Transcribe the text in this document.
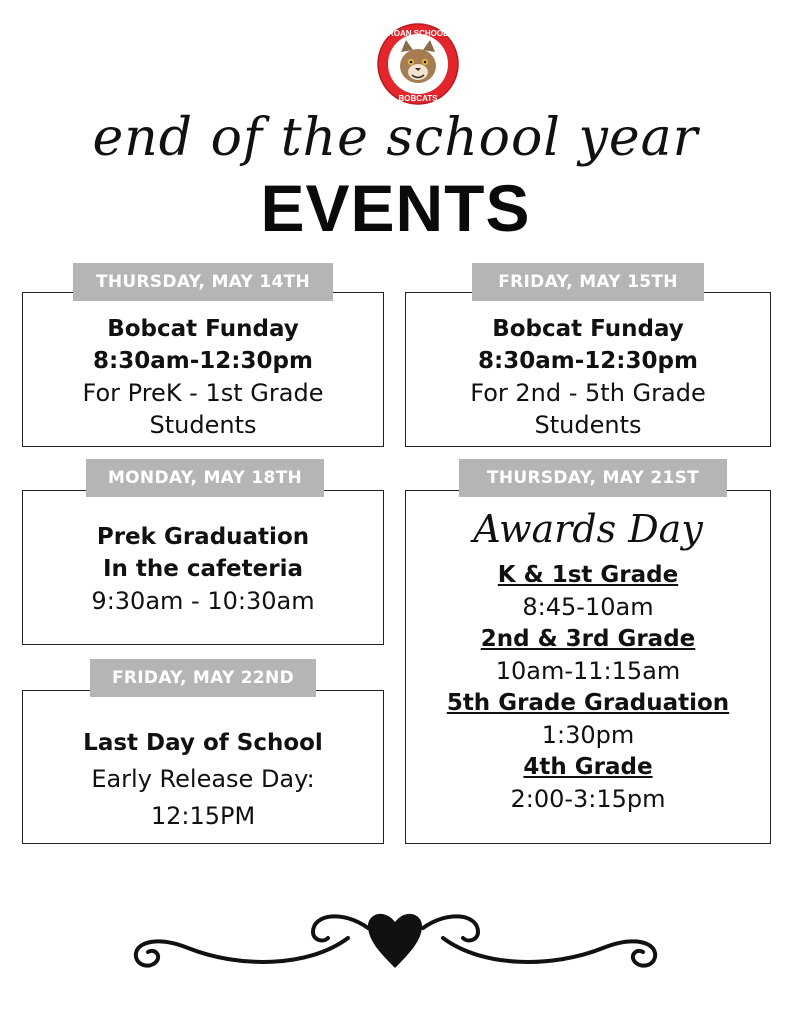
ROAN SCHOOL
BOBCATS
end of the school year
EVENTS
Bobcat Funday
8:30am-12:30pm
For PreK - 1st Grade
Students
THURSDAY, MAY 14TH
Bobcat Funday
8:30am-12:30pm
For 2nd - 5th Grade
Students
FRIDAY, MAY 15TH
Prek Graduation
In the cafeteria
9:30am - 10:30am
MONDAY, MAY 18TH
Awards Day
K & 1st Grade
8:45-10am
2nd & 3rd Grade
10am-11:15am
5th Grade Graduation
1:30pm
4th Grade
2:00-3:15pm
THURSDAY, MAY 21ST
Last Day of School
Early Release Day:
12:15PM
FRIDAY, MAY 22ND
